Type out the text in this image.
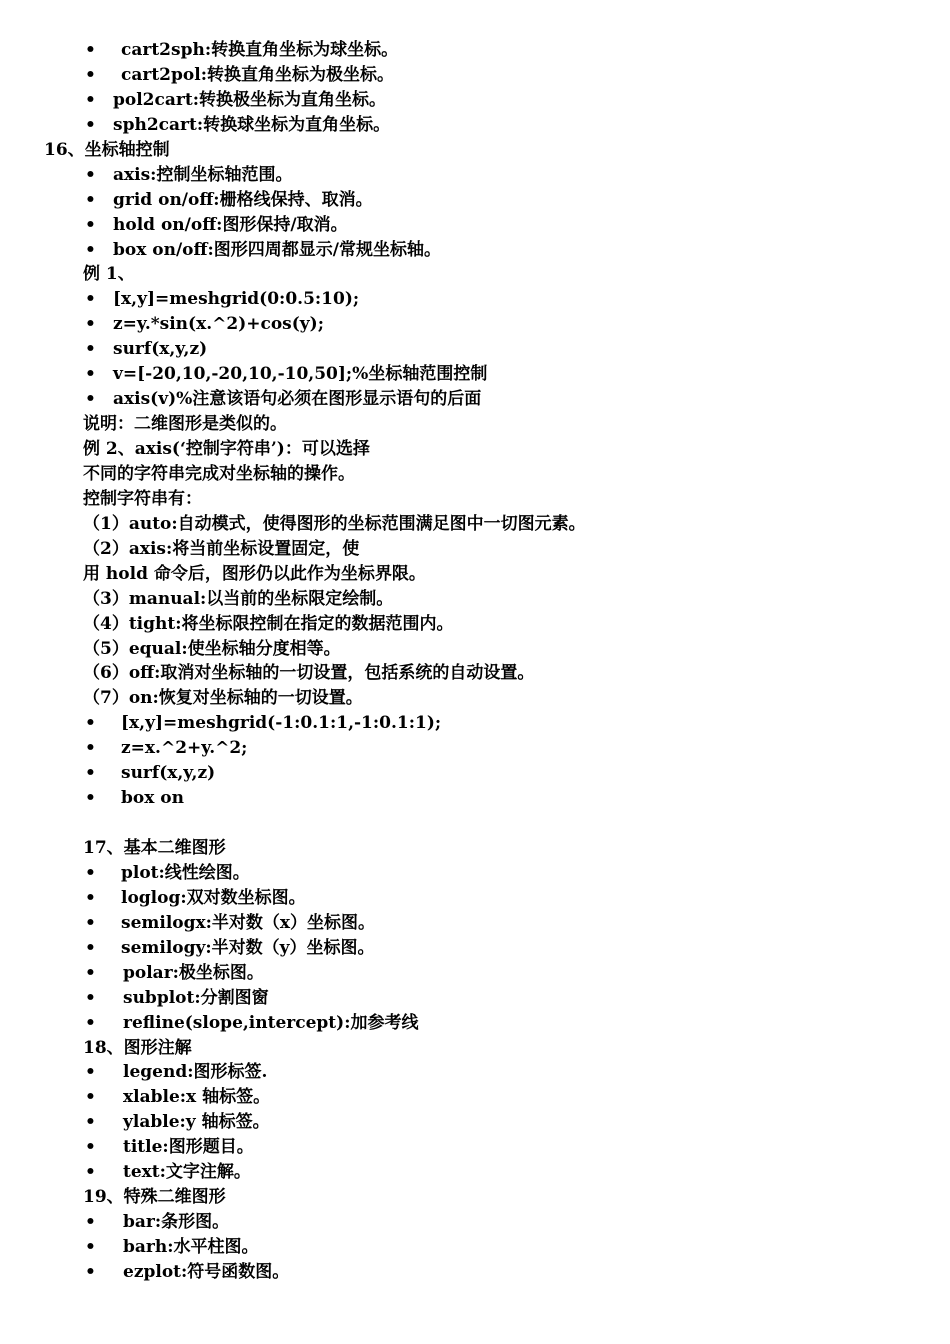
• cart2sph:转换直角坐标为球坐标。
• cart2pol:转换直角坐标为极坐标。
• pol2cart:转换极坐标为直角坐标。
• sph2cart:转换球坐标为直角坐标。
16、坐标轴控制
• axis:控制坐标轴范围。
• grid on/off:栅格线保持、取消。
• hold on/off:图形保持/取消。
• box on/off:图形四周都显示/常规坐标轴。
例 1、
• [x,y]=meshgrid(0:0.5:10);
• z=y.*sin(x.^2)+cos(y);
• surf(x,y,z)
• v=[-20,10,-20,10,-10,50];%坐标轴范围控制
• axis(v)%注意该语句必须在图形显示语句的后面
说明：二维图形是类似的。
例 2、axis(‘控制字符串’)：可以选择
不同的字符串完成对坐标轴的操作。
控制字符串有：
（1）auto:自动模式，使得图形的坐标范围满足图中一切图元素。
（2）axis:将当前坐标设置固定，使
用 hold 命令后，图形仍以此作为坐标界限。
（3）manual:以当前的坐标限定绘制。
（4）tight:将坐标限控制在指定的数据范围内。
（5）equal:使坐标轴分度相等。
（6）off:取消对坐标轴的一切设置，包括系统的自动设置。
（7）on:恢复对坐标轴的一切设置。
• [x,y]=meshgrid(-1:0.1:1,-1:0.1:1);
• z=x.^2+y.^2;
• surf(x,y,z)
• box on
17、基本二维图形
• plot:线性绘图。
• loglog:双对数坐标图。
• semilogx:半对数（x）坐标图。
• semilogy:半对数（y）坐标图。
• polar:极坐标图。
• subplot:分割图窗
• refline(slope,intercept):加参考线
18、图形注解
• legend:图形标签.
• xlable:x 轴标签。
• ylable:y 轴标签。
• title:图形题目。
• text:文字注解。
19、特殊二维图形
• bar:条形图。
• barh:水平柱图。
• ezplot:符号函数图。
